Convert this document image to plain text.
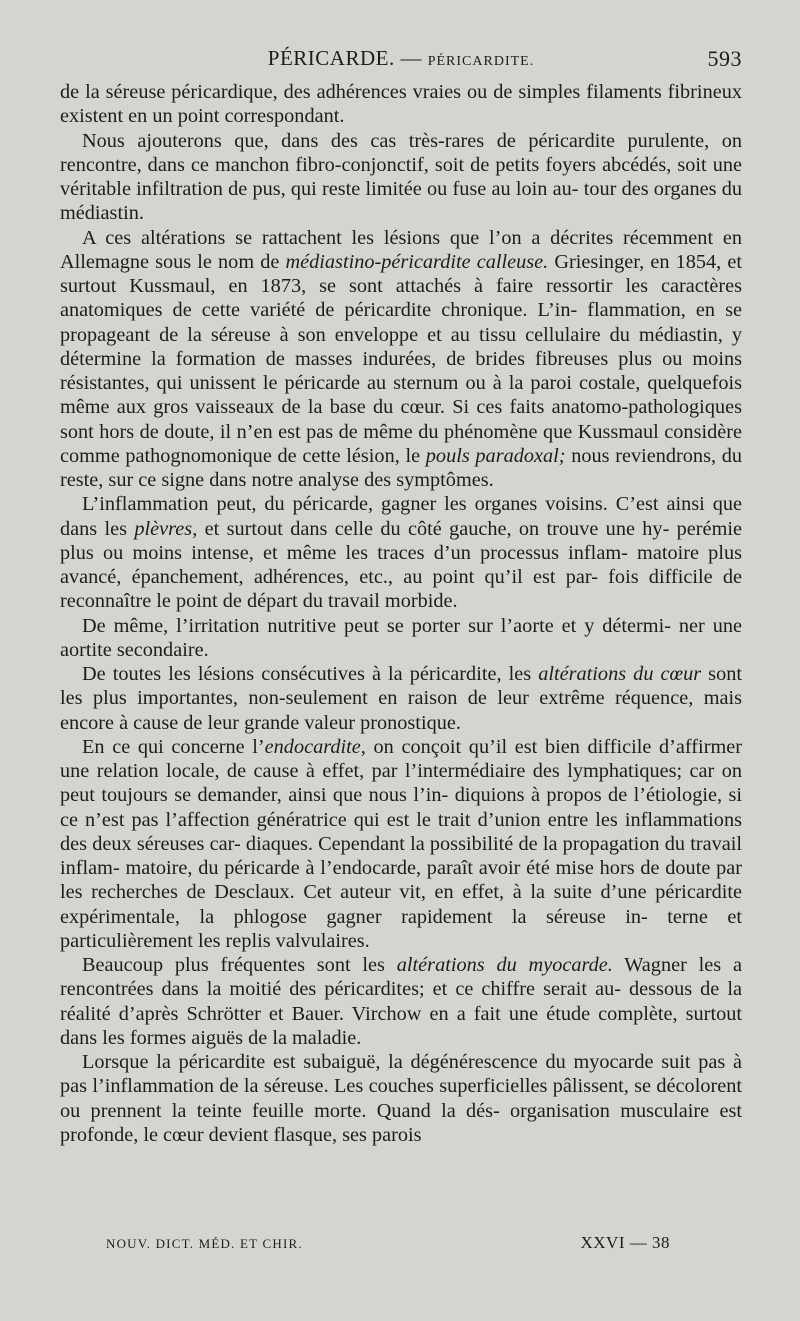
PÉRICARDE. — PÉRICARDITE.	593

de la séreuse péricardique, des adhérences vraies ou de simples filaments fibrineux existent en un point correspondant.

Nous ajouterons que, dans des cas très-rares de péricardite purulente, on rencontre, dans ce manchon fibro-conjonctif, soit de petits foyers abcédés, soit une véritable infiltration de pus, qui reste limitée ou fuse au loin au- tour des organes du médiastin.

A ces altérations se rattachent les lésions que l’on a décrites récemment en Allemagne sous le nom de médiastino-péricardite calleuse. Griesinger, en 1854, et surtout Kussmaul, en 1873, se sont attachés à faire ressortir les caractères anatomiques de cette variété de péricardite chronique. L’in- flammation, en se propageant de la séreuse à son enveloppe et au tissu cellulaire du médiastin, y détermine la formation de masses indurées, de brides fibreuses plus ou moins résistantes, qui unissent le péricarde au sternum ou à la paroi costale, quelquefois même aux gros vaisseaux de la base du cœur. Si ces faits anatomo-pathologiques sont hors de doute, il n’en est pas de même du phénomène que Kussmaul considère comme pathognomonique de cette lésion, le pouls paradoxal; nous reviendrons, du reste, sur ce signe dans notre analyse des symptômes.

L’inflammation peut, du péricarde, gagner les organes voisins. C’est ainsi que dans les plèvres, et surtout dans celle du côté gauche, on trouve une hy- perémie plus ou moins intense, et même les traces d’un processus inflam- matoire plus avancé, épanchement, adhérences, etc., au point qu’il est par- fois difficile de reconnaître le point de départ du travail morbide.

De même, l’irritation nutritive peut se porter sur l’aorte et y détermi- ner une aortite secondaire.

De toutes les lésions consécutives à la péricardite, les altérations du cœur sont les plus importantes, non-seulement en raison de leur extrême réquence, mais encore à cause de leur grande valeur pronostique.

En ce qui concerne l’endocardite, on conçoit qu’il est bien difficile d’affirmer une relation locale, de cause à effet, par l’intermédiaire des lymphatiques; car on peut toujours se demander, ainsi que nous l’in- diquions à propos de l’étiologie, si ce n’est pas l’affection génératrice qui est le trait d’union entre les inflammations des deux séreuses car- diaques. Cependant la possibilité de la propagation du travail inflam- matoire, du péricarde à l’endocarde, paraît avoir été mise hors de doute par les recherches de Desclaux. Cet auteur vit, en effet, à la suite d’une péricardite expérimentale, la phlogose gagner rapidement la séreuse in- terne et particulièrement les replis valvulaires.

Beaucoup plus fréquentes sont les altérations du myocarde. Wagner les a rencontrées dans la moitié des péricardites; et ce chiffre serait au- dessous de la réalité d’après Schrötter et Bauer. Virchow en a fait une étude complète, surtout dans les formes aiguës de la maladie.

Lorsque la péricardite est subaiguë, la dégénérescence du myocarde suit pas à pas l’inflammation de la séreuse. Les couches superficielles pâlissent, se décolorent ou prennent la teinte feuille morte. Quand la dés- organisation musculaire est profonde, le cœur devient flasque, ses parois

NOUV. DICT. MÉD. ET CHIR.	XXVI — 38
